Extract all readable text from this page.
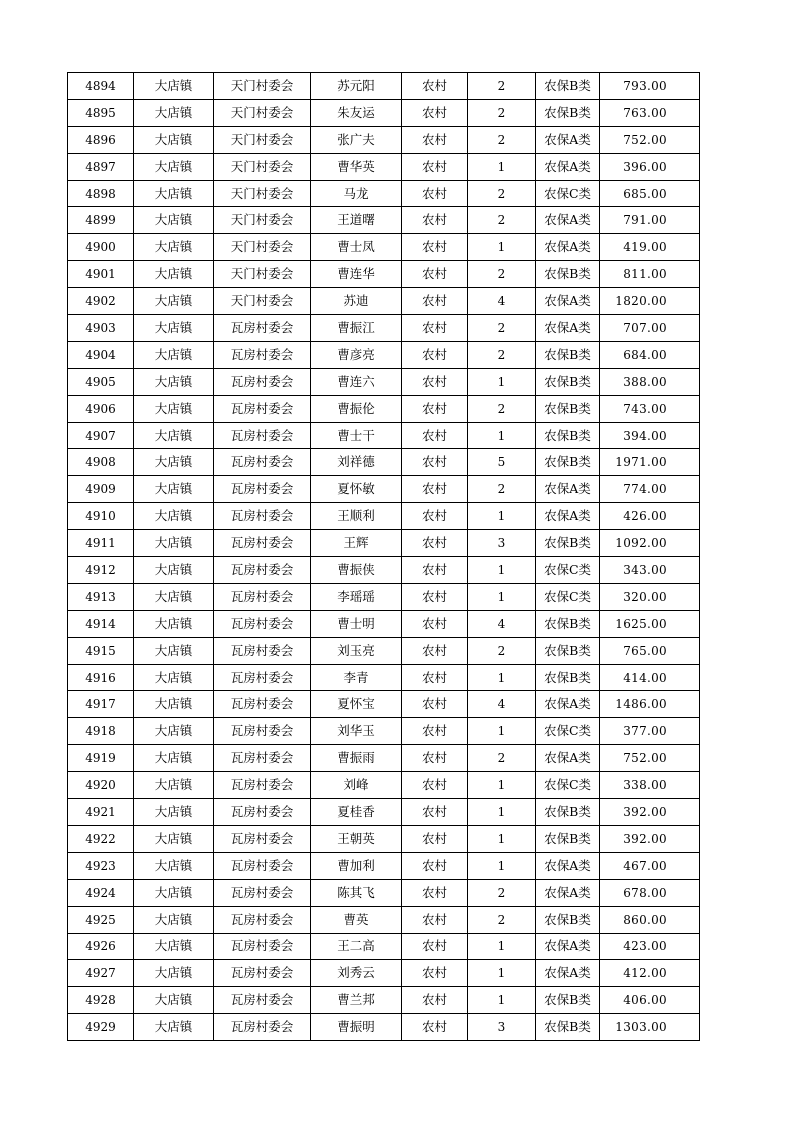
4894	大店镇	天门村委会	苏元阳	农村	2	农保B类	793.00
4895	大店镇	天门村委会	朱友运	农村	2	农保B类	763.00
4896	大店镇	天门村委会	张广夫	农村	2	农保A类	752.00
4897	大店镇	天门村委会	曹华英	农村	1	农保A类	396.00
4898	大店镇	天门村委会	马龙	农村	2	农保C类	685.00
4899	大店镇	天门村委会	王道曙	农村	2	农保A类	791.00
4900	大店镇	天门村委会	曹士凤	农村	1	农保A类	419.00
4901	大店镇	天门村委会	曹连华	农村	2	农保B类	811.00
4902	大店镇	天门村委会	苏迪	农村	4	农保A类	1820.00
4903	大店镇	瓦房村委会	曹振江	农村	2	农保A类	707.00
4904	大店镇	瓦房村委会	曹彦亮	农村	2	农保B类	684.00
4905	大店镇	瓦房村委会	曹连六	农村	1	农保B类	388.00
4906	大店镇	瓦房村委会	曹振伦	农村	2	农保B类	743.00
4907	大店镇	瓦房村委会	曹士干	农村	1	农保B类	394.00
4908	大店镇	瓦房村委会	刘祥德	农村	5	农保B类	1971.00
4909	大店镇	瓦房村委会	夏怀敏	农村	2	农保A类	774.00
4910	大店镇	瓦房村委会	王顺利	农村	1	农保A类	426.00
4911	大店镇	瓦房村委会	王辉	农村	3	农保B类	1092.00
4912	大店镇	瓦房村委会	曹振侠	农村	1	农保C类	343.00
4913	大店镇	瓦房村委会	李瑶瑶	农村	1	农保C类	320.00
4914	大店镇	瓦房村委会	曹士明	农村	4	农保B类	1625.00
4915	大店镇	瓦房村委会	刘玉亮	农村	2	农保B类	765.00
4916	大店镇	瓦房村委会	李青	农村	1	农保B类	414.00
4917	大店镇	瓦房村委会	夏怀宝	农村	4	农保A类	1486.00
4918	大店镇	瓦房村委会	刘华玉	农村	1	农保C类	377.00
4919	大店镇	瓦房村委会	曹振雨	农村	2	农保A类	752.00
4920	大店镇	瓦房村委会	刘峰	农村	1	农保C类	338.00
4921	大店镇	瓦房村委会	夏桂香	农村	1	农保B类	392.00
4922	大店镇	瓦房村委会	王朝英	农村	1	农保B类	392.00
4923	大店镇	瓦房村委会	曹加利	农村	1	农保A类	467.00
4924	大店镇	瓦房村委会	陈其飞	农村	2	农保A类	678.00
4925	大店镇	瓦房村委会	曹英	农村	2	农保B类	860.00
4926	大店镇	瓦房村委会	王二高	农村	1	农保A类	423.00
4927	大店镇	瓦房村委会	刘秀云	农村	1	农保A类	412.00
4928	大店镇	瓦房村委会	曹兰邦	农村	1	农保B类	406.00
4929	大店镇	瓦房村委会	曹振明	农村	3	农保B类	1303.00
